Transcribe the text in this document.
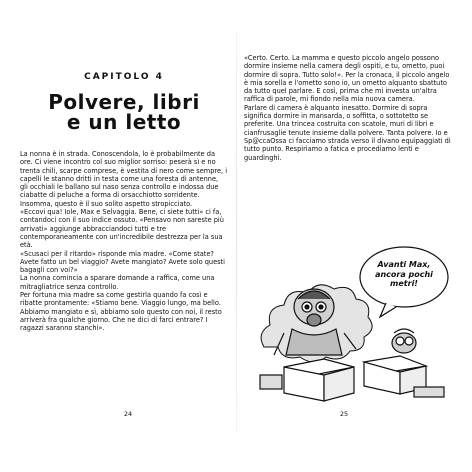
CAPITOLO 4
Polvere, libri
e un letto

La nonna è in strada. Conoscendola, lo è probabilmente da ore. Ci viene incontro col suo miglior sorriso: peserà sì e no trenta chili, scarpe comprese, è vestita di nero come sempre, i capelli le stanno dritti in testa come una foresta di antenne, gli occhiali le ballano sul naso senza controllo e indossa due ciabatte di peluche a forma di orsacchiotto sorridente. Insomma, questo è il suo solito aspetto stropicciato.

«Eccovi qua! Iole, Max e Selvaggia. Bene, ci siete tutti» ci fa, contandoci con il suo indice ossuto. «Pensavo non sareste più arrivati» aggiunge abbracciandoci tutti e tre contemporaneamente con un'incredibile destrezza per la sua età.

«Scusaci per il ritardo» risponde mia madre. «Come state? Avete fatto un bel viaggio? Avete mangiato? Avete solo questi bagagli con voi?»

La nonna comincia a sparare domande a raffica, come una mitragliatrice senza controllo.

Per fortuna mia madre sa come gestirla quando fa così e ribatte prontamente: «Stiamo bene. Viaggio lungo, ma bello. Abbiamo mangiato e sì, abbiamo solo questo con noi, il resto arriverà fra qualche giorno. Che ne dici di farci entrare? I ragazzi saranno stanchi».

24

«Certo. Certo. La mamma e questo piccolo angelo possono dormire insieme nella camera degli ospiti, e tu, ometto, puoi dormire di sopra. Tutto solo!». Per la cronaca, il piccolo angelo è mia sorella e l'ometto sono io, un ometto alquanto sbattuto da tutto quel parlare. E così, prima che mi investa un'altra raffica di parole, mi fiondo nella mia nuova camera.

Parlare di camera è alquanto inesatto. Dormire di sopra significa dormire in mansarda, o soffitta, o sottotetto se preferite. Una trincea costruita con scatole, muri di libri e cianfrusaglie tenute insieme dalla polvere. Tanta polvere. Io e Sp@ccaOssa ci facciamo strada verso il divano equipaggiati di tutto punto. Respiriamo a fatica e procediamo lenti e guardinghi.

Avanti Max, ancora pochi metri!
25
